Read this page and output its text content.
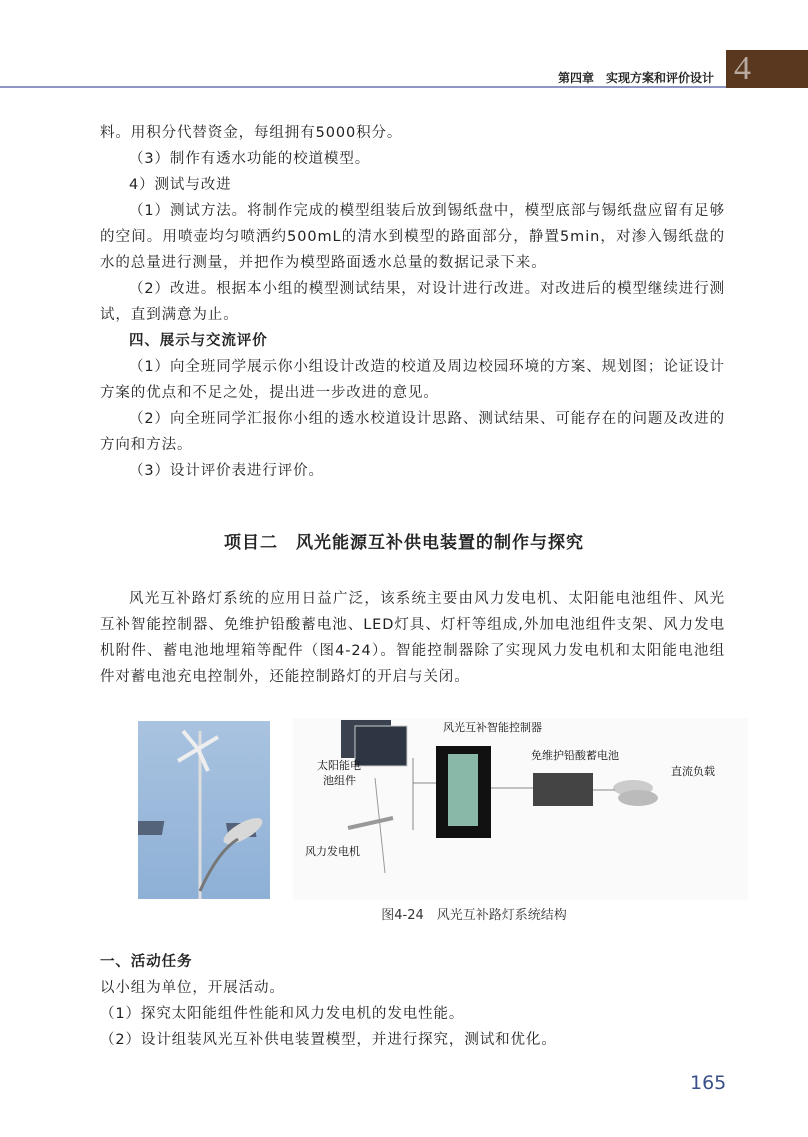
第四章　实现方案和评价设计 4

料。用积分代替资金，每组拥有5000积分。

（3）制作有透水功能的校道模型。

4）测试与改进

（1）测试方法。将制作完成的模型组装后放到锡纸盘中，模型底部与锡纸盘应留有足够的空间。用喷壶均匀喷洒约500mL的清水到模型的路面部分，静置5min，对渗入锡纸盘的水的总量进行测量，并把作为模型路面透水总量的数据记录下来。

（2）改进。根据本小组的模型测试结果，对设计进行改进。对改进后的模型继续进行测试，直到满意为止。

四、展示与交流评价

（1）向全班同学展示你小组设计改造的校道及周边校园环境的方案、规划图；论证设计方案的优点和不足之处，提出进一步改进的意见。

（2）向全班同学汇报你小组的透水校道设计思路、测试结果、可能存在的问题及改进的方向和方法。

（3）设计评价表进行评价。

项目二　风光能源互补供电装置的制作与探究

风光互补路灯系统的应用日益广泛，该系统主要由风力发电机、太阳能电池组件、风光互补智能控制器、免维护铅酸蓄电池、LED灯具、灯杆等组成,外加电池组件支架、风力发电机附件、蓄电池地埋箱等配件（图4-24）。智能控制器除了实现风力发电机和太阳能电池组件对蓄电池充电控制外，还能控制路灯的开启与关闭。

风光互补智能控制器
太阳能电
池组件
免维护铅酸蓄电池
直流负载
风力发电机
图4-24　风光互补路灯系统结构

一、活动任务

以小组为单位，开展活动。

（1）探究太阳能组件性能和风力发电机的发电性能。

（2）设计组装风光互补供电装置模型，并进行探究，测试和优化。

165
